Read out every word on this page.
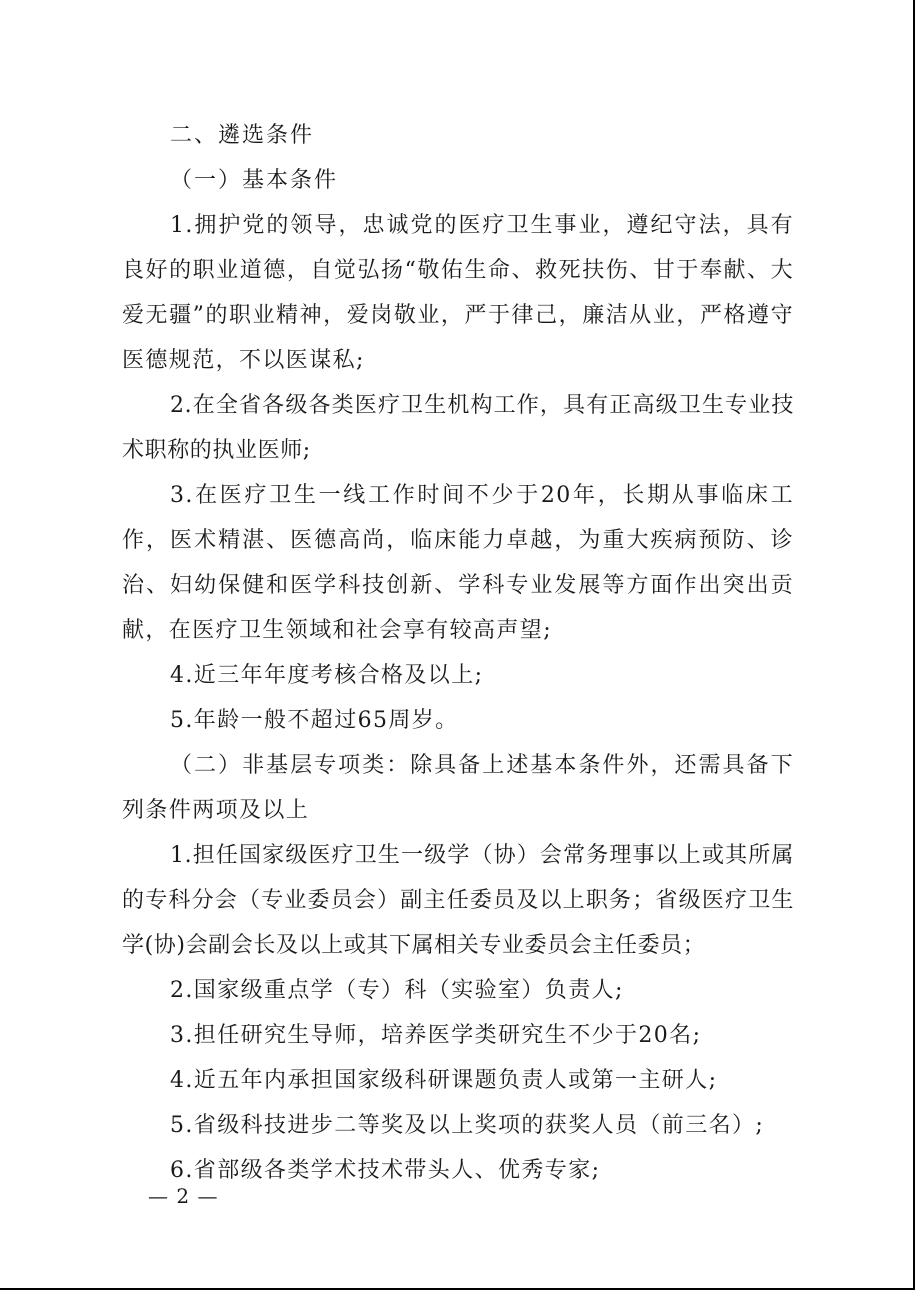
二、遴选条件
（一）基本条件

1.拥护党的领导，忠诚党的医疗卫生事业，遵纪守法，具有良好的职业道德，自觉弘扬“敬佑生命、救死扶伤、甘于奉献、大爱无疆”的职业精神，爱岗敬业，严于律己，廉洁从业，严格遵守医德规范，不以医谋私;

2.在全省各级各类医疗卫生机构工作，具有正高级卫生专业技术职称的执业医师;

3.在医疗卫生一线工作时间不少于20年，长期从事临床工作，医术精湛、医德高尚，临床能力卓越，为重大疾病预防、诊治、妇幼保健和医学科技创新、学科专业发展等方面作出突出贡献，在医疗卫生领域和社会享有较高声望;

4.近三年年度考核合格及以上;

5.年龄一般不超过65周岁。

（二）非基层专项类：除具备上述基本条件外，还需具备下列条件两项及以上

1.担任国家级医疗卫生一级学（协）会常务理事以上或其所属的专科分会（专业委员会）副主任委员及以上职务；省级医疗卫生学(协)会副会长及以上或其下属相关专业委员会主任委员；

2.国家级重点学（专）科（实验室）负责人;

3.担任研究生导师，培养医学类研究生不少于20名;

4.近五年内承担国家级科研课题负责人或第一主研人;

5.省级科技进步二等奖及以上奖项的获奖人员（前三名）;

6.省部级各类学术技术带头人、优秀专家;

— 2 —
